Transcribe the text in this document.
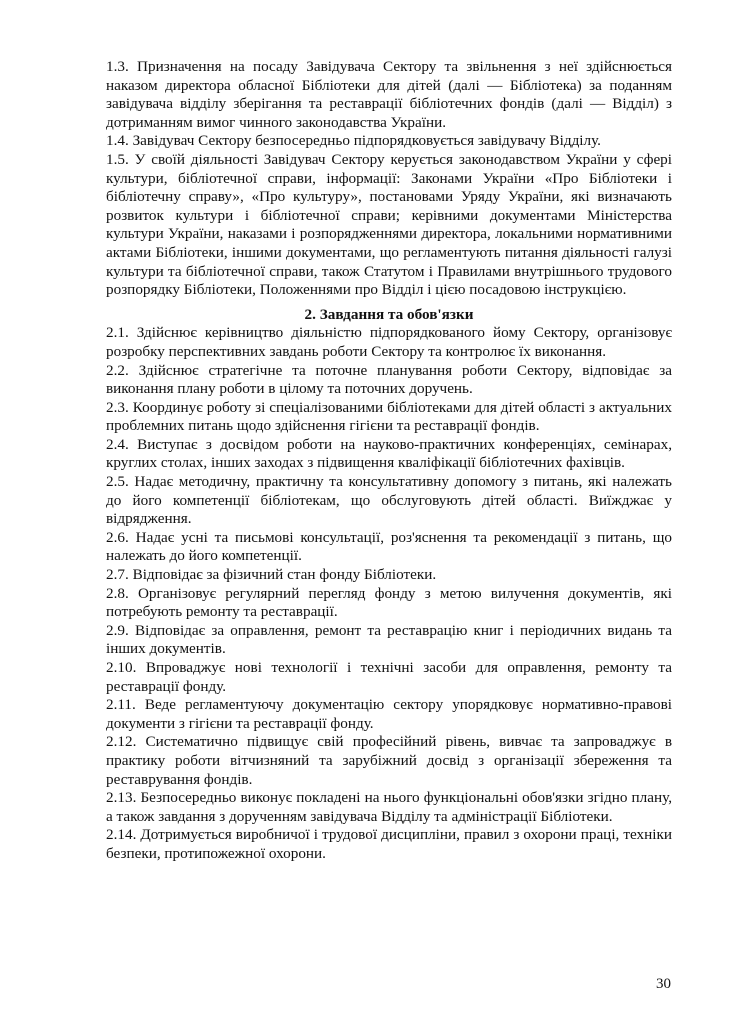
1.3. Призначення на посаду Завідувача Сектору та звільнення з неї здійснюється наказом директора обласної Бібліотеки для дітей (далі — Бібліотека) за поданням завідувача відділу зберігання та реставрації бібліотечних фондів (далі — Відділ) з дотриманням вимог чинного законодавства України.

1.4. Завідувач Сектору безпосередньо підпорядковується завідувачу Відділу.

1.5. У своїй діяльності Завідувач Сектору керується законодавством України у сфері культури, бібліотечної справи, інформації: Законами України «Про Бібліотеки і бібліотечну справу», «Про культуру», постановами Уряду України, які визначають розвиток культури і бібліотечної справи; керівними документами Міністерства культури України, наказами і розпорядженнями директора, локальними нормативними актами Бібліотеки, іншими документами, що регламентують питання діяльності галузі культури та бібліотечної справи, також Статутом і Правилами внутрішнього трудового розпорядку Бібліотеки, Положеннями про Відділ і цією посадовою інструкцією.

2. Завдання та обов'язки

2.1. Здійснює керівництво діяльністю підпорядкованого йому Сектору, організовує розробку перспективних завдань роботи Сектору та контролює їх виконання.

2.2. Здійснює стратегічне та поточне планування роботи Сектору, відповідає за виконання плану роботи в цілому та поточних доручень.

2.3. Координує роботу зі спеціалізованими бібліотеками для дітей області з актуальних проблемних питань щодо здійснення гігієни та реставрації фондів.

2.4. Виступає з досвідом роботи на науково-практичних конференціях, семінарах, круглих столах, інших заходах з підвищення кваліфікації бібліотечних фахівців.

2.5. Надає методичну, практичну та консультативну допомогу з питань, які належать до його компетенції бібліотекам, що обслуговують дітей області. Виїжджає у відрядження.

2.6. Надає усні та письмові консультації, роз'яснення та рекомендації з питань, що належать до його компетенції.

2.7. Відповідає за фізичний стан фонду Бібліотеки.

2.8. Організовує регулярний перегляд фонду з метою вилучення документів, які потребують ремонту та реставрації.

2.9. Відповідає за оправлення, ремонт та реставрацію книг і періодичних видань та інших документів.

2.10. Впроваджує нові технології і технічні засоби для оправлення, ремонту та реставрації фонду.

2.11. Веде регламентуючу документацію сектору упорядковує нормативно-правові документи з гігієни та реставрації фонду.

2.12. Систематично підвищує свій професійний рівень, вивчає та запроваджує в практику роботи вітчизняний та зарубіжний досвід з організації збереження та реставрування фондів.

2.13. Безпосередньо виконує покладені на нього функціональні обов'язки згідно плану, а також завдання з дорученням завідувача Відділу та адміністрації Бібліотеки.

2.14. Дотримується виробничої і трудової дисципліни, правил з охорони праці, техніки безпеки, протипожежної охорони.

30
